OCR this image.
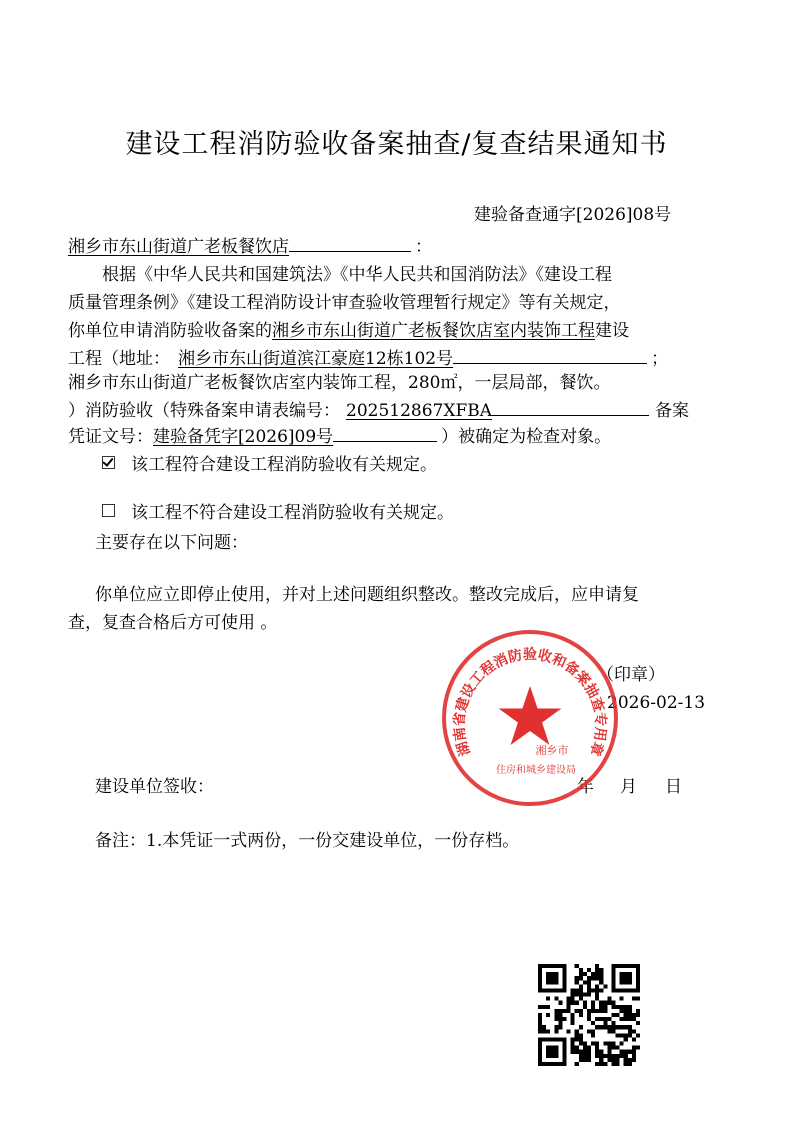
建设工程消防验收备案抽查/复查结果通知书
建验备查通字[2026]08号
湘乡市东山街道广老板餐饮店	：
根据《中华人民共和国建筑法》《中华人民共和国消防法》《建设工程
质量管理条例》《建设工程消防设计审查验收管理暂行规定》等有关规定，
你单位申请消防验收备案的湘乡市东山街道广老板餐饮店室内装饰工程建设
工程（地址： 湘乡市东山街道滨江豪庭12栋102号	；
湘乡市东山街道广老板餐饮店室内装饰工程，280㎡，一层局部，餐饮。
）消防验收（特殊备案申请表编号： 202512867XFBA	备案
凭证文号：建验备凭字[2026]09号	）被确定为检查对象。
该工程符合建设工程消防验收有关规定。
该工程不符合建设工程消防验收有关规定。
主要存在以下问题：
你单位应立即停止使用，并对上述问题组织整改。整改完成后，应申请复
查，复查合格后方可使用 。
（印章）
2026-02-13
建设单位签收：	年 月 日
湖南省建设工程消防验收和备案抽查专用章
湘乡市
住房和城乡建设局
备注：1.本凭证一式两份，一份交建设单位，一份存档。
